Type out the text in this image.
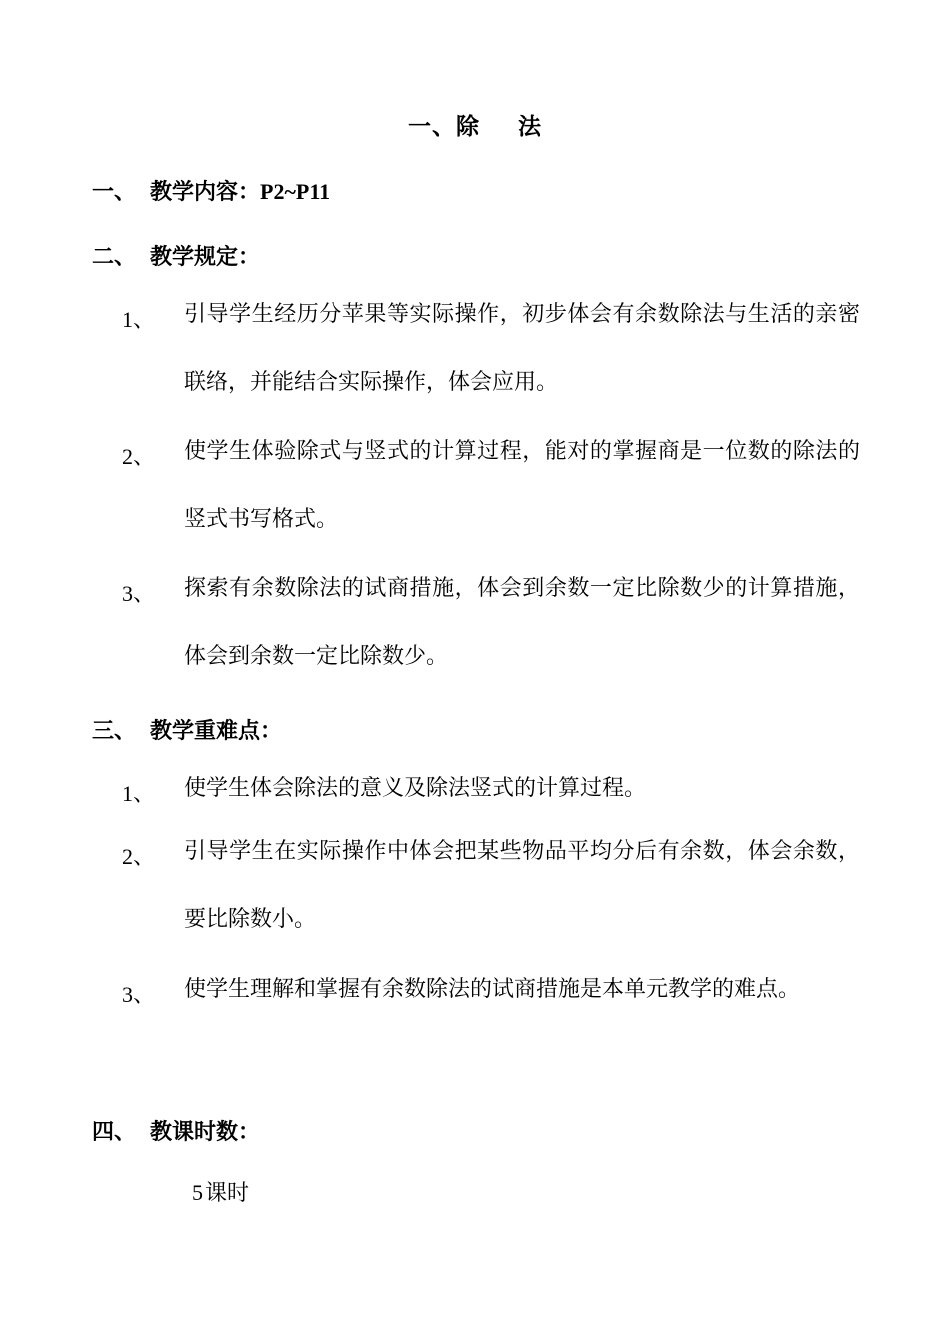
一、除 法
一、 教学内容：P2~P11
二、 教学规定：
1、 引导学生经历分苹果等实际操作，初步体会有余数除法与生活的亲密联络，并能结合实际操作，体会应用。
2、 使学生体验除式与竖式的计算过程，能对的掌握商是一位数的除法的竖式书写格式。
3、 探索有余数除法的试商措施，体会到余数一定比除数少的计算措施，体会到余数一定比除数少。
三、 教学重难点：
1、 使学生体会除法的意义及除法竖式的计算过程。
2、 引导学生在实际操作中体会把某些物品平均分后有余数，体会余数，要比除数小。
3、 使学生理解和掌握有余数除法的试商措施是本单元教学的难点。
四、 教课时数：
5课时
